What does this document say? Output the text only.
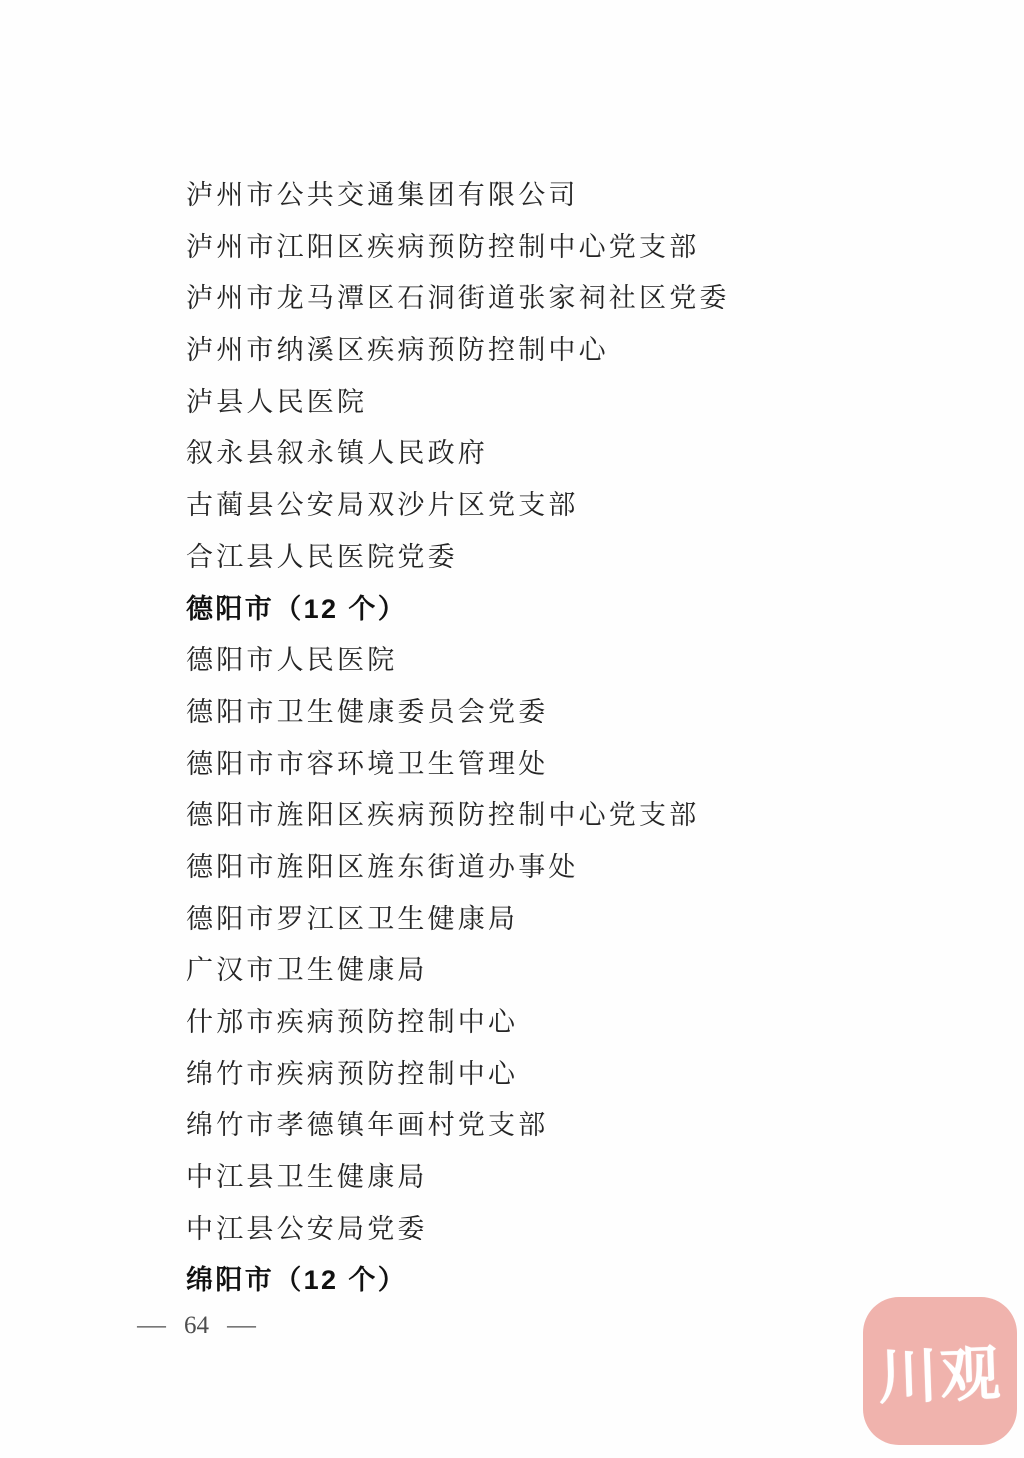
泸州市公共交通集团有限公司
泸州市江阳区疾病预防控制中心党支部
泸州市龙马潭区石洞街道张家祠社区党委
泸州市纳溪区疾病预防控制中心
泸县人民医院
叙永县叙永镇人民政府
古蔺县公安局双沙片区党支部
合江县人民医院党委
德阳市（12 个）
德阳市人民医院
德阳市卫生健康委员会党委
德阳市市容环境卫生管理处
德阳市旌阳区疾病预防控制中心党支部
德阳市旌阳区旌东街道办事处
德阳市罗江区卫生健康局
广汉市卫生健康局
什邡市疾病预防控制中心
绵竹市疾病预防控制中心
绵竹市孝德镇年画村党支部
中江县卫生健康局
中江县公安局党委
绵阳市（12 个）
— 64 —
川观
